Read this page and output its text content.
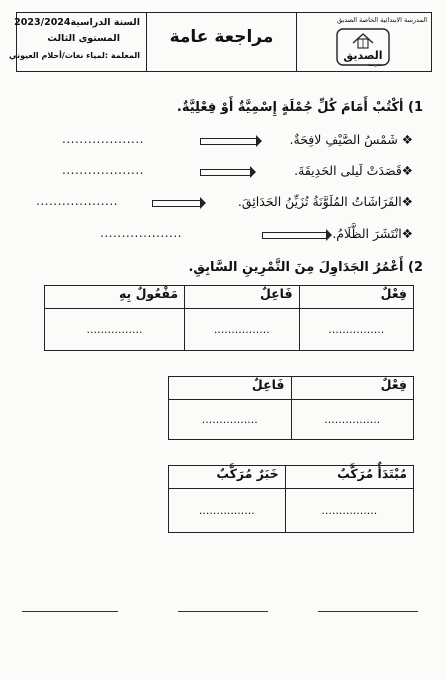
السنة الدراسية2023/2024
المستوى الثالث
المعلمة :لمياء نغات/أحلام العيوني
مراجعة عامة
المدرسة الابتدائية الخاصة الصديق
الصديق
مدرسة
1) أكْتُبْ أَمَامَ كُلِّ جُمْلَةٍ إِسْمِيَّةٌ أَوْ فِعْلِيَّةٌ.
❖ شَمْسُ الصَّيْفِ لافِحَةٌ.
...................
❖قَصَدَتْ لَيلى الحَدِيقَةَ.
...................
❖الفَرَاشَاتُ المُلَوَّنَةُ تُزَيِّنُ الحَدَائِقَ.
...................
❖انْتَشَرَ الظَّلَامُ.
...................
2) أَعْمُرُ الجَدَاوِلَ مِنَ التَّمْرِينِ السَّابِقِ.
فِعْلٌ	فَاعِلٌ	مَفْعُولٌ بِهِ
................	................	................
فِعْلٌ	فَاعِلٌ
................	................
مُبْتَدَأٌ مُرَكَّبٌ	خَبَرٌ مُرَكَّبٌ
................	................
